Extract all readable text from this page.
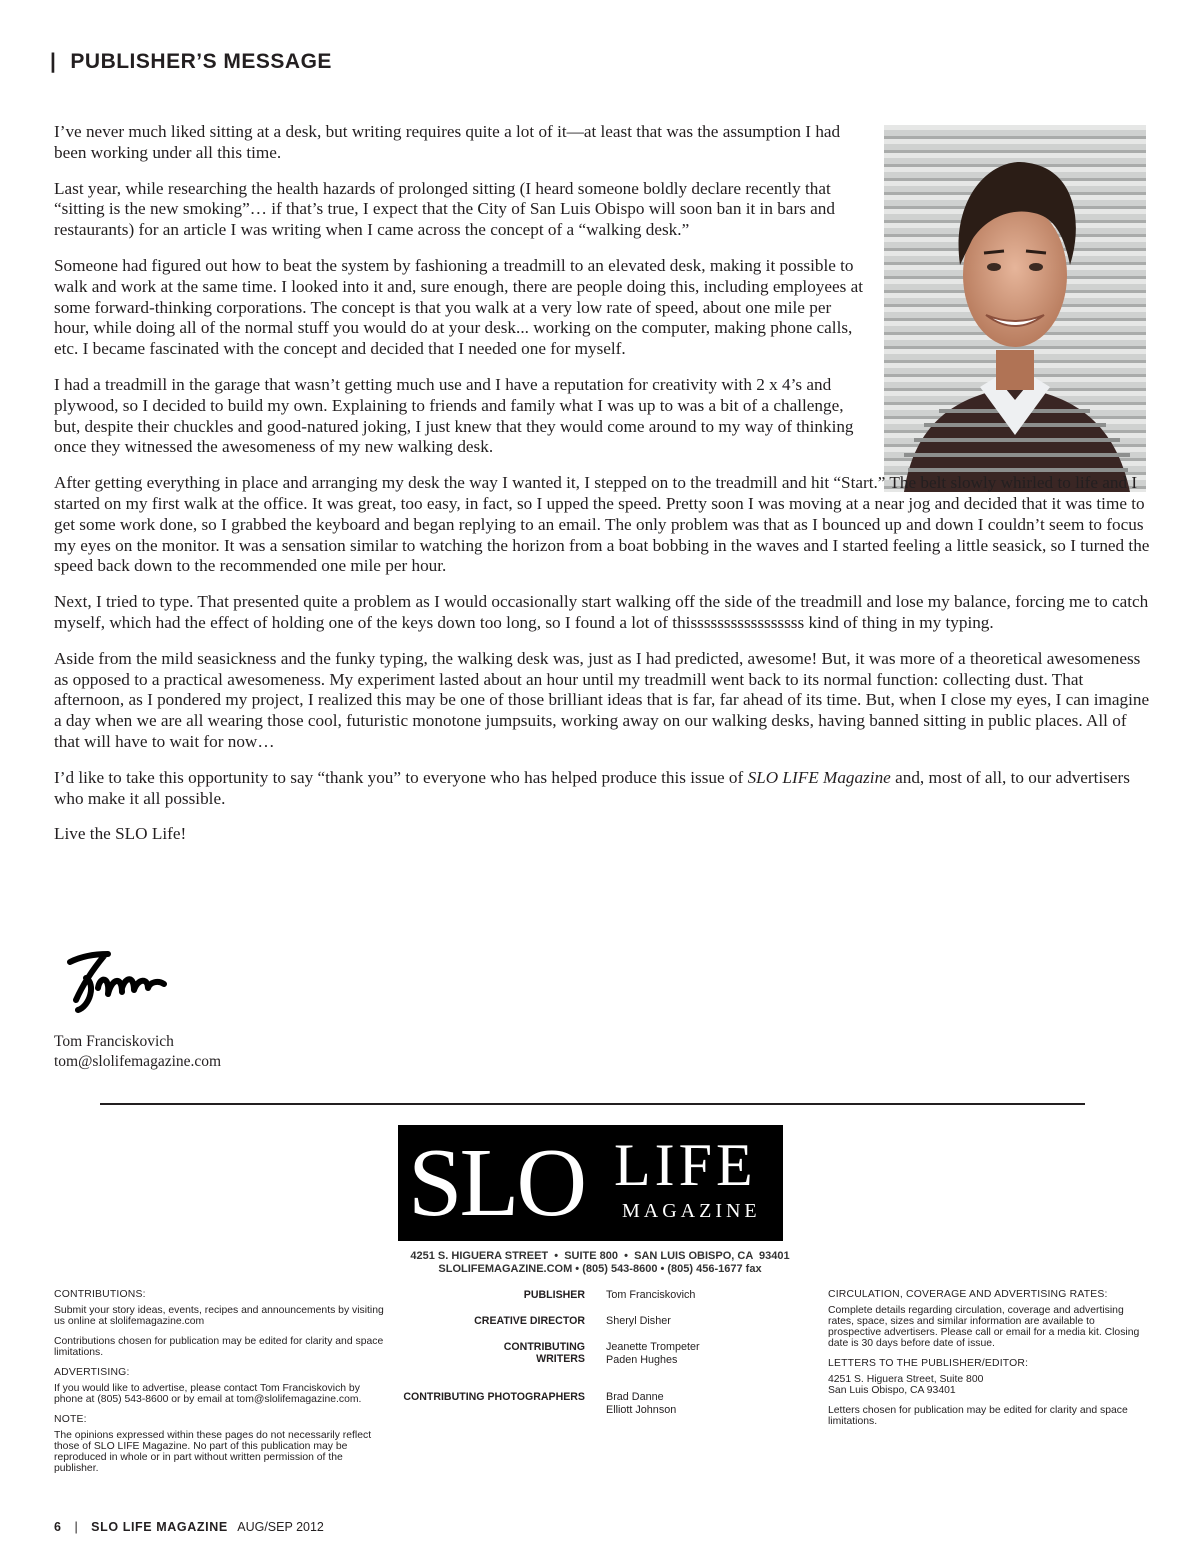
| PUBLISHER’S MESSAGE

I’ve never much liked sitting at a desk, but writing requires quite a lot of it—at least that was the assumption I had been working under all this time.

Last year, while researching the health hazards of prolonged sitting (I heard someone boldly declare recently that “sitting is the new smoking”… if that’s true, I expect that the City of San Luis Obispo will soon ban it in bars and restaurants) for an article I was writing when I came across the concept of a “walking desk.”

Someone had figured out how to beat the system by fashioning a treadmill to an elevated desk, making it possible to walk and work at the same time. I looked into it and, sure enough, there are people doing this, including employees at some forward-thinking corporations. The concept is that you walk at a very low rate of speed, about one mile per hour, while doing all of the normal stuff you would do at your desk... working on the computer, making phone calls, etc. I became fascinated with the concept and decided that I needed one for myself.

I had a treadmill in the garage that wasn’t getting much use and I have a reputation for creativity with 2 x 4’s and plywood, so I decided to build my own. Explaining to friends and family what I was up to was a bit of a challenge, but, despite their chuckles and good-natured joking, I just knew that they would come around to my way of thinking once they witnessed the awesomeness of my new walking desk.

After getting everything in place and arranging my desk the way I wanted it, I stepped on to the treadmill and hit “Start.” The belt slowly whirled to life and I started on my first walk at the office. It was great, too easy, in fact, so I upped the speed. Pretty soon I was moving at a near jog and decided that it was time to get some work done, so I grabbed the keyboard and began replying to an email. The only problem was that as I bounced up and down I couldn’t seem to focus my eyes on the monitor. It was a sensation similar to watching the horizon from a boat bobbing in the waves and I started feeling a little seasick, so I turned the speed back down to the recommended one mile per hour.

Next, I tried to type. That presented quite a problem as I would occasionally start walking off the side of the treadmill and lose my balance, forcing me to catch myself, which had the effect of holding one of the keys down too long, so I found a lot of thisssssssssssssssss kind of thing in my typing.

Aside from the mild seasickness and the funky typing, the walking desk was, just as I had predicted, awesome! But, it was more of a theoretical awesomeness as opposed to a practical awesomeness. My experiment lasted about an hour until my treadmill went back to its normal function: collecting dust. That afternoon, as I pondered my project, I realized this may be one of those brilliant ideas that is far, far ahead of its time. But, when I close my eyes, I can imagine a day when we are all wearing those cool, futuristic monotone jumpsuits, working away on our walking desks, having banned sitting in public places. All of that will have to wait for now…

I’d like to take this opportunity to say “thank you” to everyone who has helped produce this issue of SLO LIFE Magazine and, most of all, to our advertisers who make it all possible.

Live the SLO Life!

Tom Franciskovich
tom@slolifemagazine.com
SLO LIFE
MAGAZINE
4251 S. HIGUERA STREET  •  SUITE 800  •  SAN LUIS OBISPO, CA  93401
SLOLIFEMAGAZINE.COM • (805) 543-8600 • (805) 456-1677 fax
CONTRIBUTIONS:

Submit your story ideas, events, recipes and announcements by visiting us online at slolifemagazine.com

Contributions chosen for publication may be edited for clarity and space limitations.

ADVERTISING:

If you would like to advertise, please contact Tom Franciskovich by phone at (805) 543-8600 or by email at tom@slolifemagazine.com.

NOTE:

The opinions expressed within these pages do not necessarily reflect those of SLO LIFE Magazine. No part of this publication may be reproduced in whole or in part without written permission of the publisher.

PUBLISHER Tom Franciskovich
CREATIVE DIRECTOR Sheryl Disher
CONTRIBUTING
WRITERS
Jeanette Trompeter
Paden Hughes
CONTRIBUTING PHOTOGRAPHERS Brad Danne
Elliott Johnson
CIRCULATION, COVERAGE AND ADVERTISING RATES:

Complete details regarding circulation, coverage and advertising rates, space, sizes and similar information are available to prospective advertisers. Please call or email for a media kit. Closing date is 30 days before date of issue.

LETTERS TO THE PUBLISHER/EDITOR:

4251 S. Higuera Street, Suite 800
San Luis Obispo, CA 93401

Letters chosen for publication may be edited for clarity and space limitations.

6 | SLO LIFE MAGAZINE AUG/SEP 2012
